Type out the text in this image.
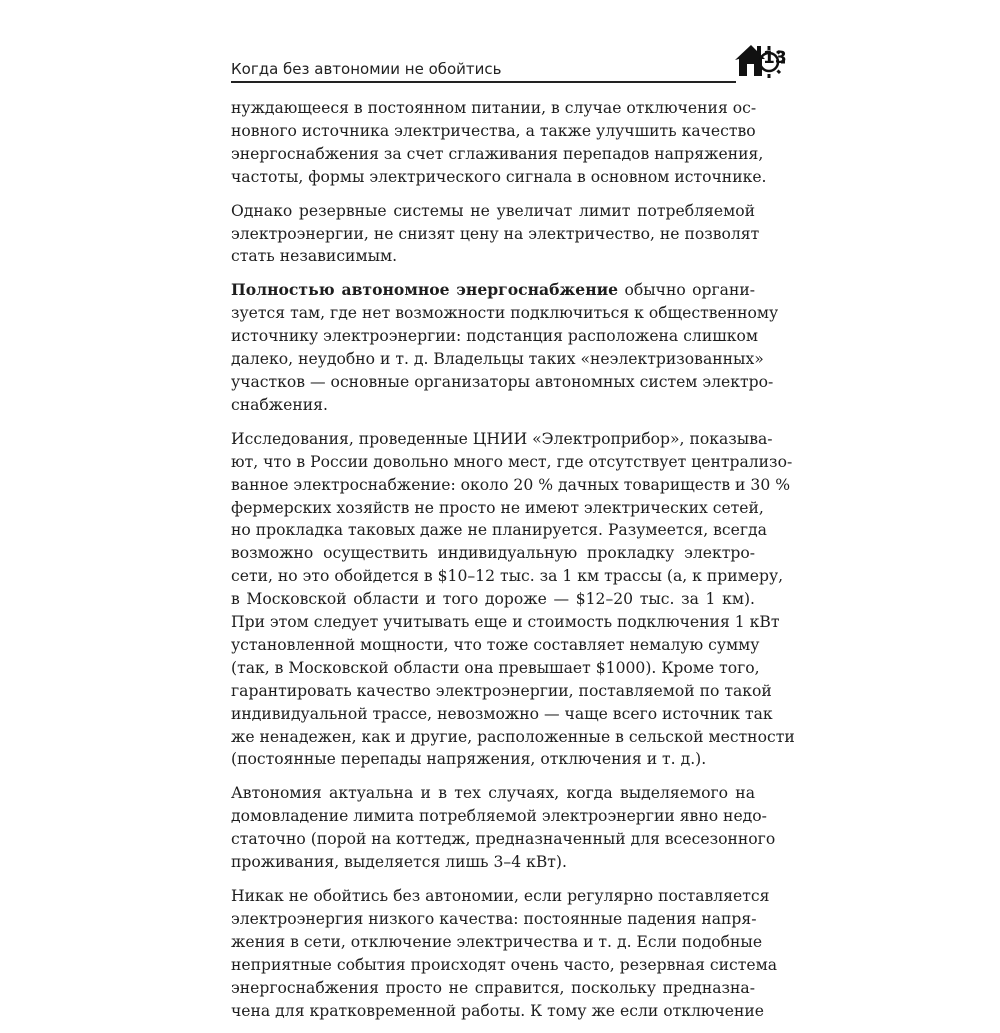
Когда без автономии не обойтись
13
нуждающееся в постоянном питании, в случае отключения ос-
новного источника электричества, а также улучшить качество
энергоснабжения за счет сглаживания перепадов напряжения,
частоты, формы электрического сигнала в основном источнике.
Однако резервные системы не увеличат лимит потребляемой
электроэнергии, не снизят цену на электричество, не позволят
стать независимым.
Полностью автономное энергоснабжение обычно органи-
зуется там, где нет возможности подключиться к общественному
источнику электроэнергии: подстанция расположена слишком
далеко, неудобно и т. д. Владельцы таких «неэлектризованных»
участков — основные организаторы автономных систем электро-
снабжения.
Исследования, проведенные ЦНИИ «Электроприбор», показыва-
ют, что в России довольно много мест, где отсутствует централизо-
ванное электроснабжение: около 20 % дачных товариществ и 30 %
фермерских хозяйств не просто не имеют электрических сетей,
но прокладка таковых даже не планируется. Разумеется, всегда
возможно осуществить индивидуальную прокладку электро-
сети, но это обойдется в $10–12 тыс. за 1 км трассы (а, к примеру,
в Московской области и того дороже — $12–20 тыс. за 1 км).
При этом следует учитывать еще и стоимость подключения 1 кВт
установленной мощности, что тоже составляет немалую сумму
(так, в Московской области она превышает $1000). Кроме того,
гарантировать качество электроэнергии, поставляемой по такой
индивидуальной трассе, невозможно — чаще всего источник так
же ненадежен, как и другие, расположенные в сельской местности
(постоянные перепады напряжения, отключения и т. д.).
Автономия актуальна и в тех случаях, когда выделяемого на
домовладение лимита потребляемой электроэнергии явно недо-
статочно (порой на коттедж, предназначенный для всесезонного
проживания, выделяется лишь 3–4 кВт).
Никак не обойтись без автономии, если регулярно поставляется
электроэнергия низкого качества: постоянные падения напря-
жения в сети, отключение электричества и т. д. Если подобные
неприятные события происходят очень часто, резервная система
энергоснабжения просто не справится, поскольку предназна-
чена для кратковременной работы. К тому же если отключение
